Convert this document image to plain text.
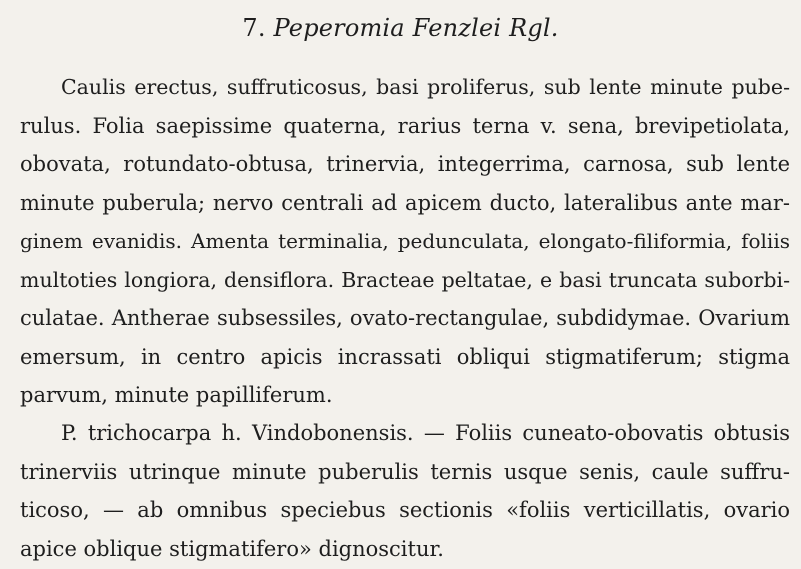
7. Peperomia Fenzlei Rgl.
Caulis erectus, suffruticosus, basi proliferus, sub lente minute pube-
rulus. Folia saepissime quaterna, rarius terna v. sena, brevipetiolata,
obovata, rotundato-obtusa, trinervia, integerrima, carnosa, sub lente
minute puberula; nervo centrali ad apicem ducto, lateralibus ante mar-
ginem evanidis. Amenta terminalia, pedunculata, elongato-filiformia, foliis
multoties longiora, densiflora. Bracteae peltatae, e basi truncata suborbi-
culatae. Antherae subsessiles, ovato-rectangulae, subdidymae. Ovarium
emersum, in centro apicis incrassati obliqui stigmatiferum; stigma
parvum, minute papilliferum.
P. trichocarpa h. Vindobonensis. — Foliis cuneato-obovatis obtusis
trinerviis utrinque minute puberulis ternis usque senis, caule suffru-
ticoso, — ab omnibus speciebus sectionis «foliis verticillatis, ovario
apice oblique stigmatifero» dignoscitur.
